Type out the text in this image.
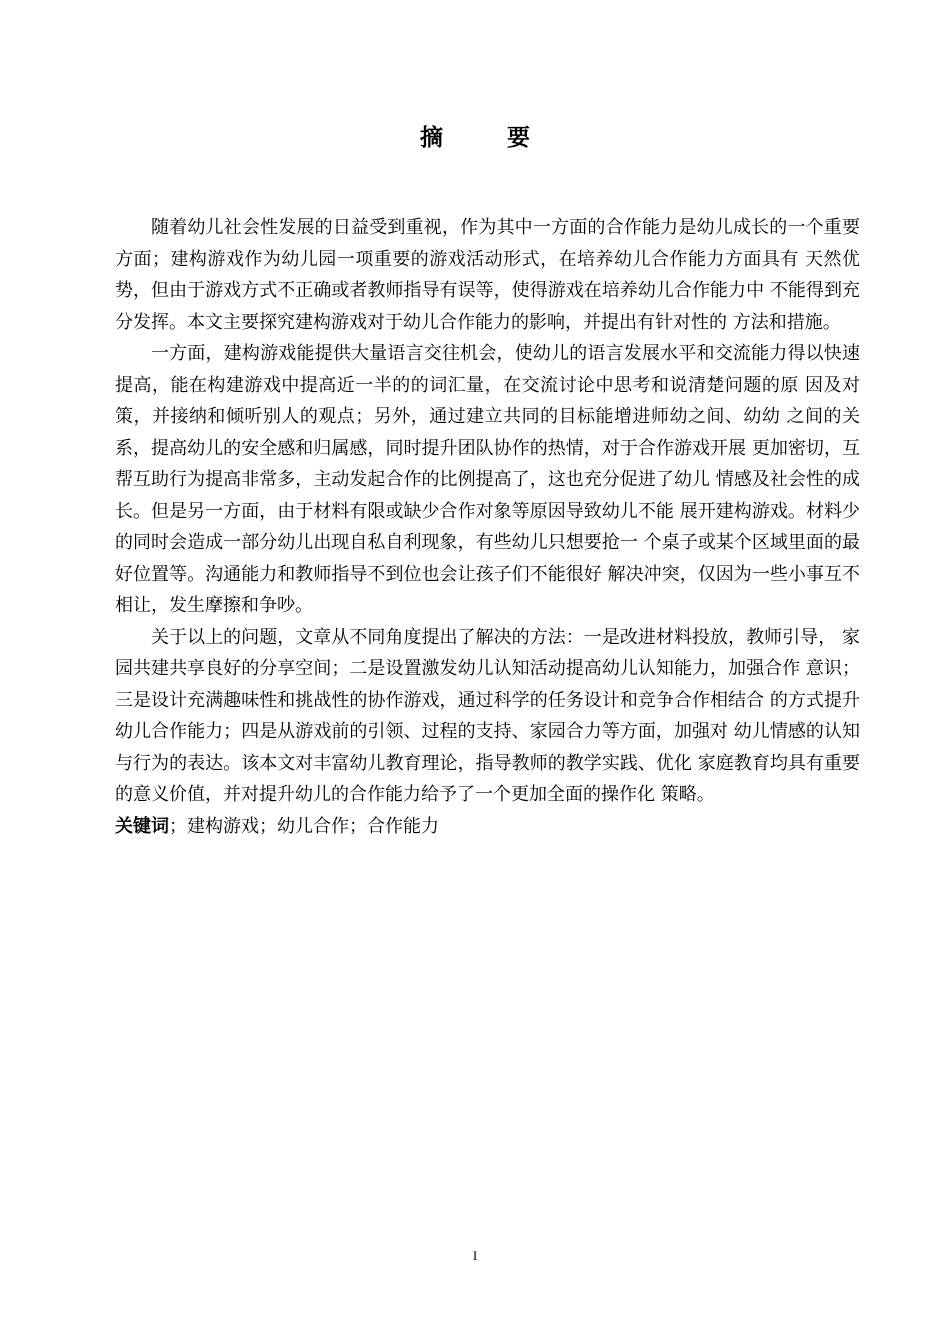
摘 要

随着幼儿社会性发展的日益受到重视，作为其中一方面的合作能力是幼儿成长的一个重要方面；建构游戏作为幼儿园一项重要的游戏活动形式，在培养幼儿合作能力方面具有 天然优势，但由于游戏方式不正确或者教师指导有误等，使得游戏在培养幼儿合作能力中 不能得到充分发挥。本文主要探究建构游戏对于幼儿合作能力的影响，并提出有针对性的 方法和措施。

一方面，建构游戏能提供大量语言交往机会，使幼儿的语言发展水平和交流能力得以快速提高，能在构建游戏中提高近一半的的词汇量，在交流讨论中思考和说清楚问题的原 因及对策，并接纳和倾听别人的观点；另外，通过建立共同的目标能增进师幼之间、幼幼 之间的关系，提高幼儿的安全感和归属感，同时提升团队协作的热情，对于合作游戏开展 更加密切，互帮互助行为提高非常多，主动发起合作的比例提高了，这也充分促进了幼儿 情感及社会性的成长。但是另一方面，由于材料有限或缺少合作对象等原因导致幼儿不能 展开建构游戏。材料少的同时会造成一部分幼儿出现自私自利现象，有些幼儿只想要抢一 个桌子或某个区域里面的最好位置等。沟通能力和教师指导不到位也会让孩子们不能很好 解决冲突，仅因为一些小事互不相让，发生摩擦和争吵。

关于以上的问题，文章从不同角度提出了解决的方法：一是改进材料投放，教师引导， 家园共建共享良好的分享空间；二是设置激发幼儿认知活动提高幼儿认知能力，加强合作 意识；三是设计充满趣味性和挑战性的协作游戏，通过科学的任务设计和竞争合作相结合 的方式提升幼儿合作能力；四是从游戏前的引领、过程的支持、家园合力等方面，加强对 幼儿情感的认知与行为的表达。该本文对丰富幼儿教育理论，指导教师的教学实践、优化 家庭教育均具有重要的意义价值，并对提升幼儿的合作能力给予了一个更加全面的操作化 策略。

关键词；建构游戏；幼儿合作；合作能力

I
